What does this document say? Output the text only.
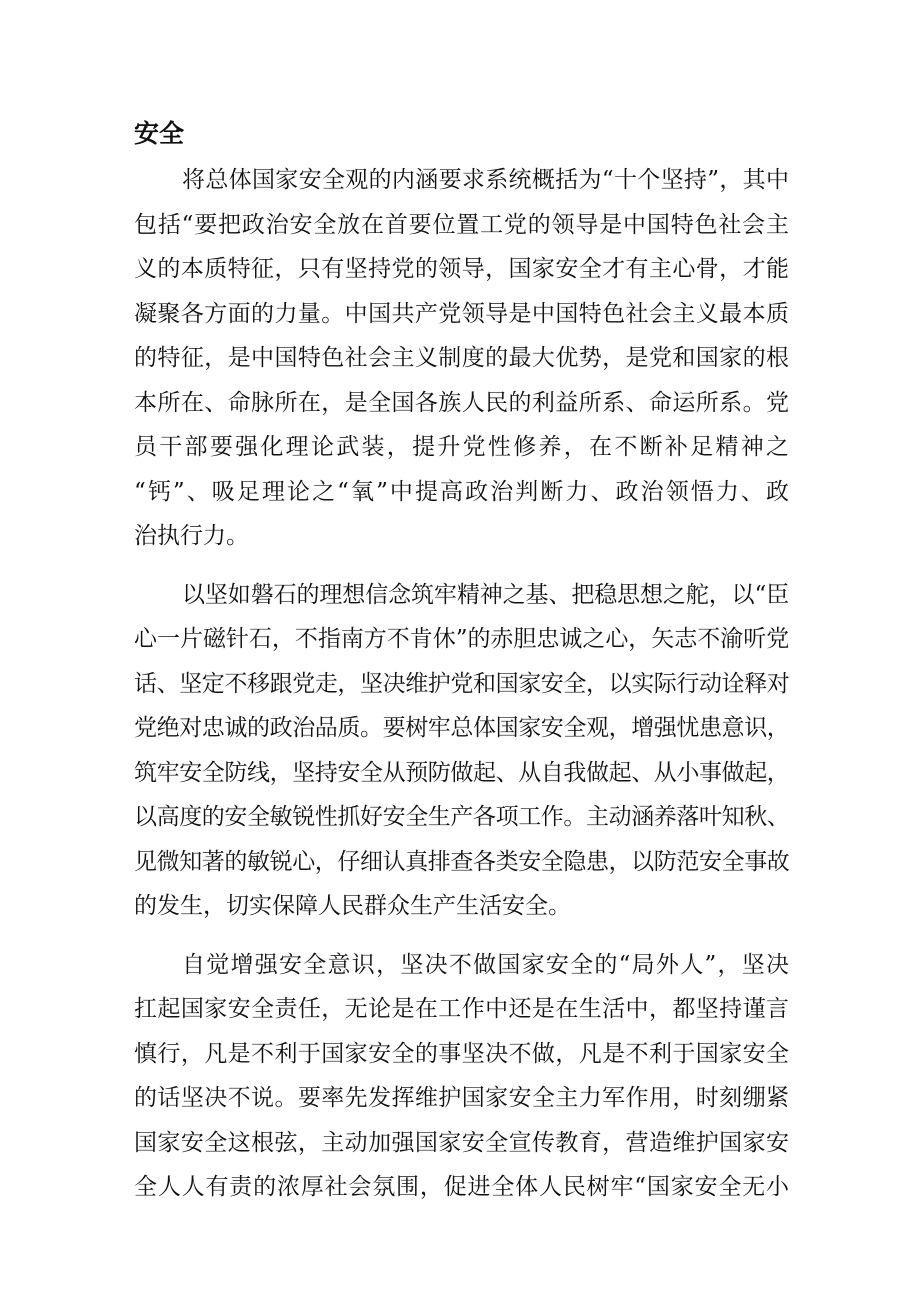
安全

将总体国家安全观的内涵要求系统概括为“十个坚持”，其中
包括“要把政治安全放在首要位置工党的领导是中国特色社会主
义的本质特征，只有坚持党的领导，国家安全才有主心骨，才能
凝聚各方面的力量。中国共产党领导是中国特色社会主义最本质
的特征，是中国特色社会主义制度的最大优势，是党和国家的根
本所在、命脉所在，是全国各族人民的利益所系、命运所系。党
员干部要强化理论武装，提升党性修养，在不断补足精神之
“钙”、吸足理论之“氧”中提高政治判断力、政治领悟力、政
治执行力。

以坚如磐石的理想信念筑牢精神之基、把稳思想之舵，以“臣
心一片磁针石，不指南方不肯休”的赤胆忠诚之心，矢志不渝听党
话、坚定不移跟党走，坚决维护党和国家安全，以实际行动诠释对
党绝对忠诚的政治品质。要树牢总体国家安全观，增强忧患意识，
筑牢安全防线，坚持安全从预防做起、从自我做起、从小事做起，
以高度的安全敏锐性抓好安全生产各项工作。主动涵养落叶知秋、
见微知著的敏锐心，仔细认真排查各类安全隐患，以防范安全事故
的发生，切实保障人民群众生产生活安全。

自觉增强安全意识，坚决不做国家安全的“局外人”，坚决
扛起国家安全责任，无论是在工作中还是在生活中，都坚持谨言
慎行，凡是不利于国家安全的事坚决不做，凡是不利于国家安全
的话坚决不说。要率先发挥维护国家安全主力军作用，时刻绷紧
国家安全这根弦，主动加强国家安全宣传教育，营造维护国家安
全人人有责的浓厚社会氛围，促进全体人民树牢“国家安全无小
